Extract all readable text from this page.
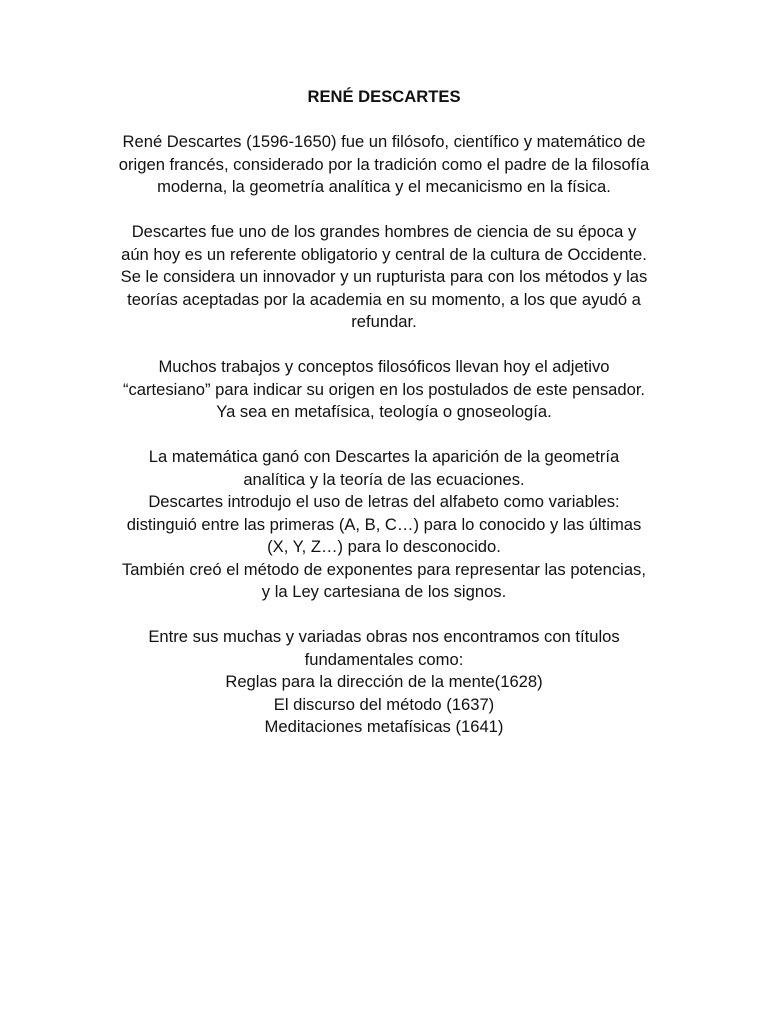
RENÉ DESCARTES
René Descartes (1596-1650) fue un filósofo, científico y matemático de
origen francés, considerado por la tradición como el padre de la filosofía
moderna, la geometría analítica y el mecanicismo en la física.
Descartes fue uno de los grandes hombres de ciencia de su época y
aún hoy es un referente obligatorio y central de la cultura de Occidente.
Se le considera un innovador y un rupturista para con los métodos y las
teorías aceptadas por la academia en su momento, a los que ayudó a
refundar.
Muchos trabajos y conceptos filosóficos llevan hoy el adjetivo
“cartesiano” para indicar su origen en los postulados de este pensador.
Ya sea en metafísica, teología o gnoseología.
La matemática ganó con Descartes la aparición de la geometría
analítica y la teoría de las ecuaciones.
Descartes introdujo el uso de letras del alfabeto como variables:
distinguió entre las primeras (A, B, C…) para lo conocido y las últimas
(X, Y, Z…) para lo desconocido.
También creó el método de exponentes para representar las potencias,
y la Ley cartesiana de los signos.
Entre sus muchas y variadas obras nos encontramos con títulos
fundamentales como:
Reglas para la dirección de la mente(1628)
El discurso del método (1637)
Meditaciones metafísicas (1641)
